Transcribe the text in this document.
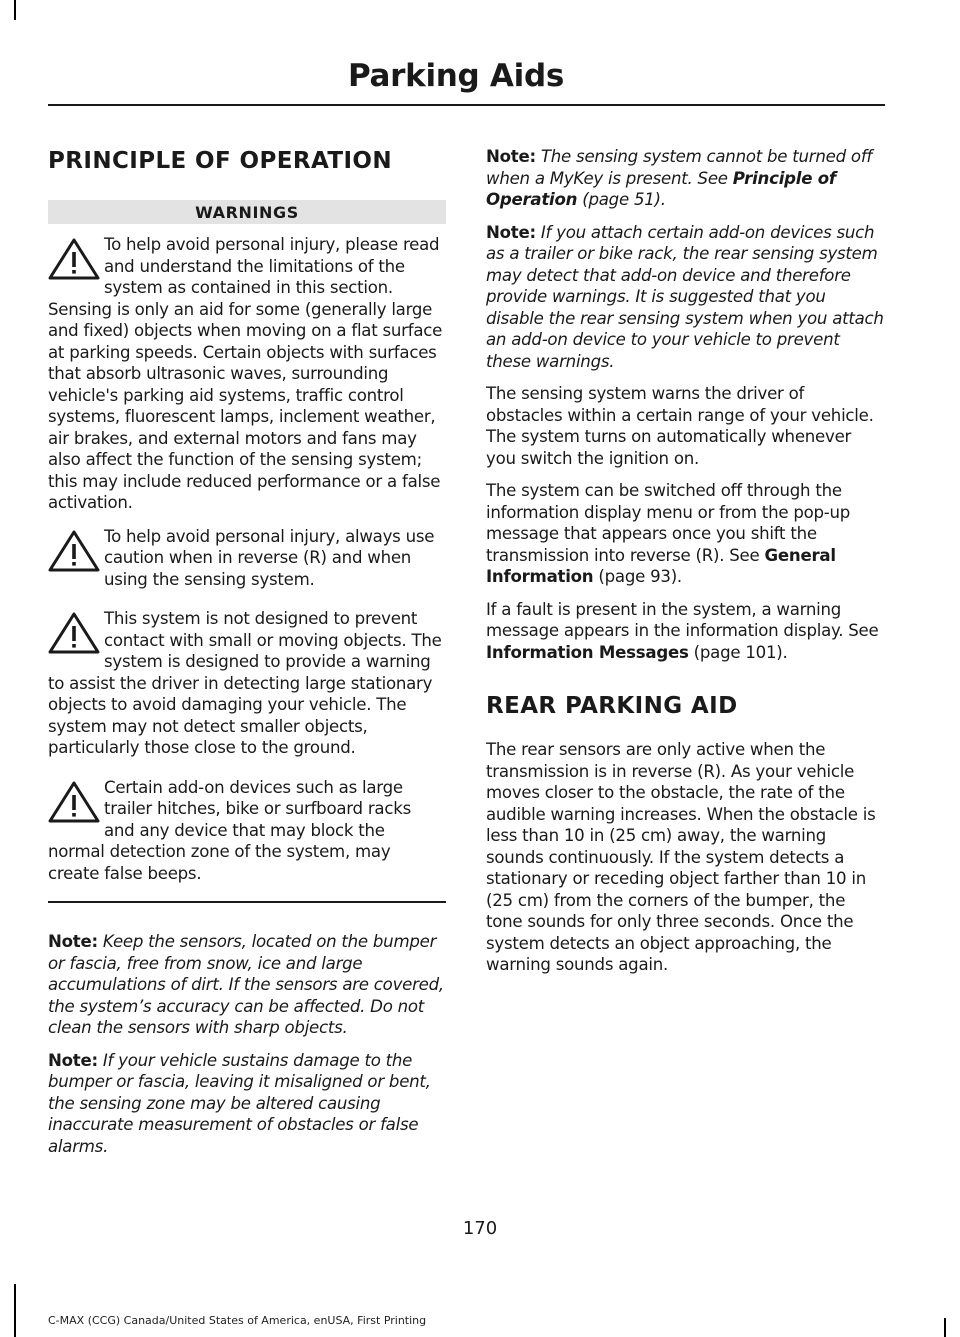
Parking Aids
PRINCIPLE OF OPERATION
WARNINGS

To help avoid personal injury, please read and understand the limitations of the system as contained in this section. Sensing is only an aid for some (generally large and fixed) objects when moving on a flat surface at parking speeds. Certain objects with surfaces that absorb ultrasonic waves, surrounding vehicle's parking aid systems, traffic control systems, fluorescent lamps, inclement weather, air brakes, and external motors and fans may also affect the function of the sensing system; this may include reduced performance or a false activation.

To help avoid personal injury, always use caution when in reverse (R) and when using the sensing system.

This system is not designed to prevent contact with small or moving objects. The system is designed to provide a warning to assist the driver in detecting large stationary objects to avoid damaging your vehicle. The system may not detect smaller objects, particularly those close to the ground.

Certain add-on devices such as large trailer hitches, bike or surfboard racks and any device that may block the normal detection zone of the system, may create false beeps.

Note: Keep the sensors, located on the bumper or fascia, free from snow, ice and large accumulations of dirt. If the sensors are covered, the system’s accuracy can be affected. Do not clean the sensors with sharp objects.

Note: If your vehicle sustains damage to the bumper or fascia, leaving it misaligned or bent, the sensing zone may be altered causing inaccurate measurement of obstacles or false alarms.

Note: The sensing system cannot be turned off when a MyKey is present. See Principle of Operation (page 51).

Note: If you attach certain add-on devices such as a trailer or bike rack, the rear sensing system may detect that add-on device and therefore provide warnings. It is suggested that you disable the rear sensing system when you attach an add-on device to your vehicle to prevent these warnings.

The sensing system warns the driver of obstacles within a certain range of your vehicle. The system turns on automatically whenever you switch the ignition on.

The system can be switched off through the information display menu or from the pop-up message that appears once you shift the transmission into reverse (R). See General Information (page 93).

If a fault is present in the system, a warning message appears in the information display. See Information Messages (page 101).

REAR PARKING AID

The rear sensors are only active when the transmission is in reverse (R). As your vehicle moves closer to the obstacle, the rate of the audible warning increases. When the obstacle is less than 10 in (25 cm) away, the warning sounds continuously. If the system detects a stationary or receding object farther than 10 in (25 cm) from the corners of the bumper, the tone sounds for only three seconds. Once the system detects an object approaching, the warning sounds again.

170
C-MAX (CCG) Canada/United States of America, enUSA, First Printing
